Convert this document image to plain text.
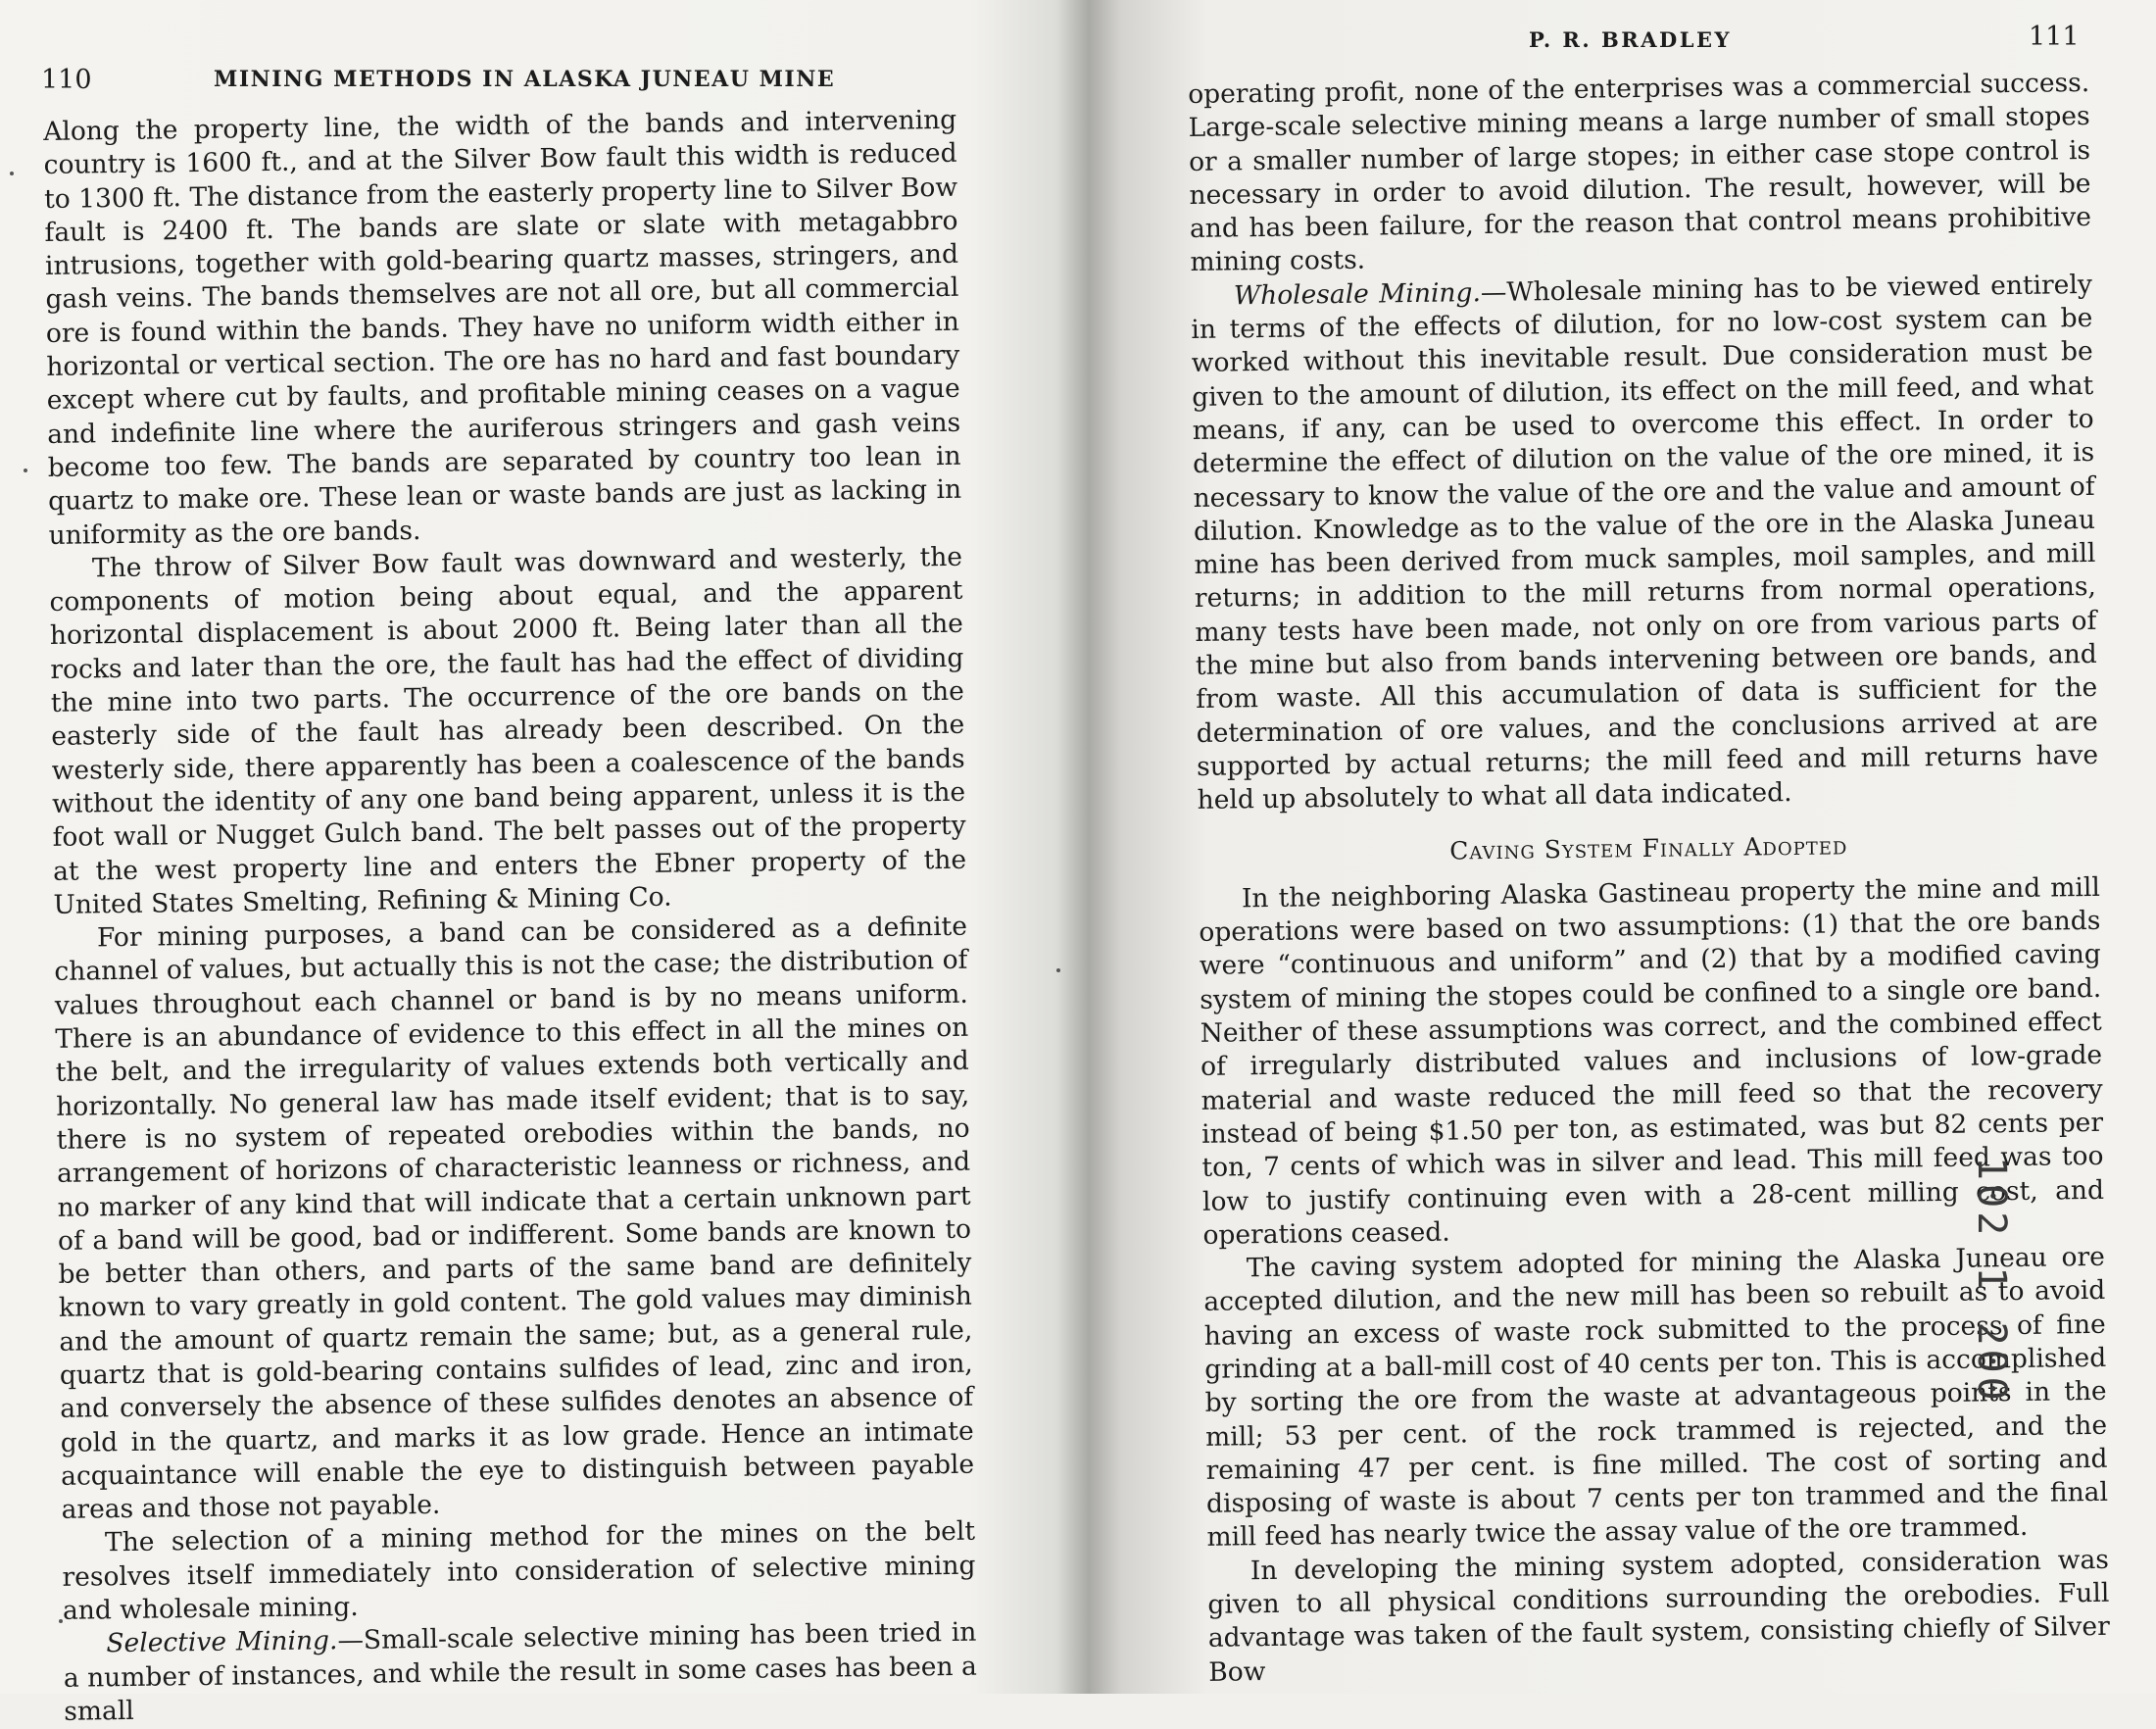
110	MINING METHODS IN ALASKA JUNEAU MINE

Along the property line, the width of the bands and intervening country is 1600 ft., and at the Silver Bow fault this width is reduced to 1300 ft. The distance from the easterly property line to Silver Bow fault is 2400 ft. The bands are slate or slate with metagabbro intrusions, together with gold-bearing quartz masses, stringers, and gash veins. The bands themselves are not all ore, but all commercial ore is found within the bands. They have no uniform width either in horizontal or vertical section. The ore has no hard and fast boundary except where cut by faults, and profitable mining ceases on a vague and indefinite line where the auriferous stringers and gash veins become too few. The bands are separated by country too lean in quartz to make ore. These lean or waste bands are just as lacking in uniformity as the ore bands.

The throw of Silver Bow fault was downward and westerly, the components of motion being about equal, and the apparent horizontal displacement is about 2000 ft. Being later than all the rocks and later than the ore, the fault has had the effect of dividing the mine into two parts. The occurrence of the ore bands on the easterly side of the fault has already been described. On the westerly side, there apparently has been a coalescence of the bands without the identity of any one band being apparent, unless it is the foot wall or Nugget Gulch band. The belt passes out of the property at the west property line and enters the Ebner property of the United States Smelting, Refining & Mining Co.

For mining purposes, a band can be considered as a definite channel of values, but actually this is not the case; the distribution of values throughout each channel or band is by no means uniform. There is an abundance of evidence to this effect in all the mines on the belt, and the irregularity of values extends both vertically and horizontally. No general law has made itself evident; that is to say, there is no system of repeated orebodies within the bands, no arrangement of horizons of characteristic leanness or richness, and no marker of any kind that will indicate that a certain unknown part of a band will be good, bad or indifferent. Some bands are known to be better than others, and parts of the same band are definitely known to vary greatly in gold content. The gold values may diminish and the amount of quartz remain the same; but, as a general rule, quartz that is gold-bearing contains sulfides of lead, zinc and iron, and conversely the absence of these sulfides denotes an absence of gold in the quartz, and marks it as low grade. Hence an intimate acquaintance will enable the eye to distinguish between payable areas and those not payable.

The selection of a mining method for the mines on the belt resolves itself immediately into consideration of selective mining and wholesale mining.

Selective Mining.—Small-scale selective mining has been tried in a number of instances, and while the result in some cases has been a small

P. R. BRADLEY	111

operating profit, none of the enterprises was a commercial success. Large-scale selective mining means a large number of small stopes or a smaller number of large stopes; in either case stope control is necessary in order to avoid dilution. The result, however, will be and has been failure, for the reason that control means prohibitive mining costs.

Wholesale Mining.—Wholesale mining has to be viewed entirely in terms of the effects of dilution, for no low-cost system can be worked without this inevitable result. Due consideration must be given to the amount of dilution, its effect on the mill feed, and what means, if any, can be used to overcome this effect. In order to determine the effect of dilution on the value of the ore mined, it is necessary to know the value of the ore and the value and amount of dilution. Knowledge as to the value of the ore in the Alaska Juneau mine has been derived from muck samples, moil samples, and mill returns; in addition to the mill returns from normal operations, many tests have been made, not only on ore from various parts of the mine but also from bands intervening between ore bands, and from waste. All this accumulation of data is sufficient for the determination of ore values, and the conclusions arrived at are supported by actual returns; the mill feed and mill returns have held up absolutely to what all data indicated.

Caving System Finally Adopted

In the neighboring Alaska Gastineau property the mine and mill operations were based on two assumptions: (1) that the ore bands were “continuous and uniform” and (2) that by a modified caving system of mining the stopes could be confined to a single ore band. Neither of these assumptions was correct, and the combined effect of irregularly distributed values and inclusions of low-grade material and waste reduced the mill feed so that the recovery instead of being $1.50 per ton, as estimated, was but 82 cents per ton, 7 cents of which was in silver and lead. This mill feed was too low to justify continuing even with a 28-cent milling cost, and operations ceased.

The caving system adopted for mining the Alaska Juneau ore accepted dilution, and the new mill has been so rebuilt as to avoid having an excess of waste rock submitted to the process of fine grinding at a ball-mill cost of 40 cents per ton. This is accomplished by sorting the ore from the waste at advantageous points in the mill; 53 per cent. of the rock trammed is rejected, and the remaining 47 per cent. is fine milled. The cost of sorting and disposing of waste is about 7 cents per ton trammed and the final mill feed has nearly twice the assay value of the ore trammed.

In developing the mining system adopted, consideration was given to all physical conditions surrounding the orebodies. Full advantage was taken of the fault system, consisting chiefly of Silver Bow

102 1 200
